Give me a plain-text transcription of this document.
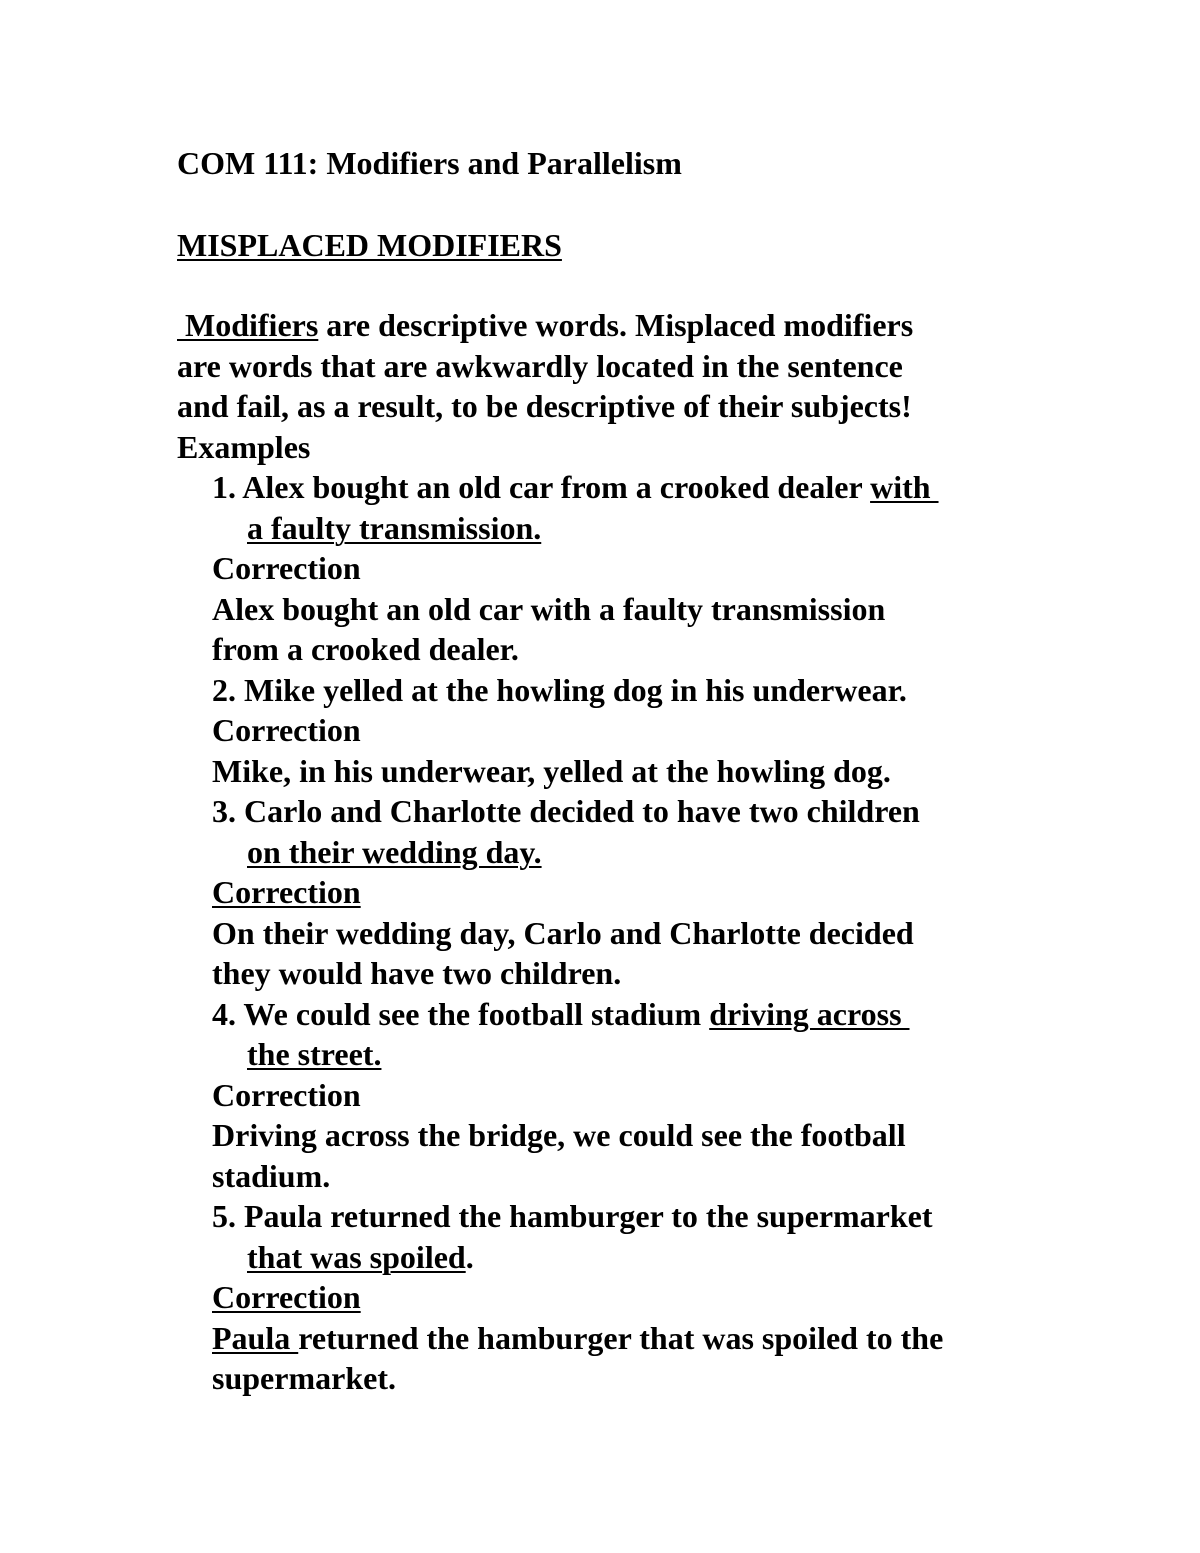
COM 111: Modifiers and Parallelism

MISPLACED MODIFIERS

Modifiers are descriptive words. Misplaced modifiers

are words that are awkwardly located in the sentence

and fail, as a result, to be descriptive of their subjects!

Examples

1. Alex bought an old car from a crooked dealer with

a faulty transmission.

Correction

Alex bought an old car with a faulty transmission

from a crooked dealer.

2. Mike yelled at the howling dog in his underwear.

Correction

Mike, in his underwear, yelled at the howling dog.

3. Carlo and Charlotte decided to have two children

on their wedding day.

Correction

On their wedding day, Carlo and Charlotte decided

they would have two children.

4. We could see the football stadium driving across

the street.

Correction

Driving across the bridge, we could see the football

stadium.

5. Paula returned the hamburger to the supermarket

that was spoiled.

Correction

Paula returned the hamburger that was spoiled to the

supermarket.
